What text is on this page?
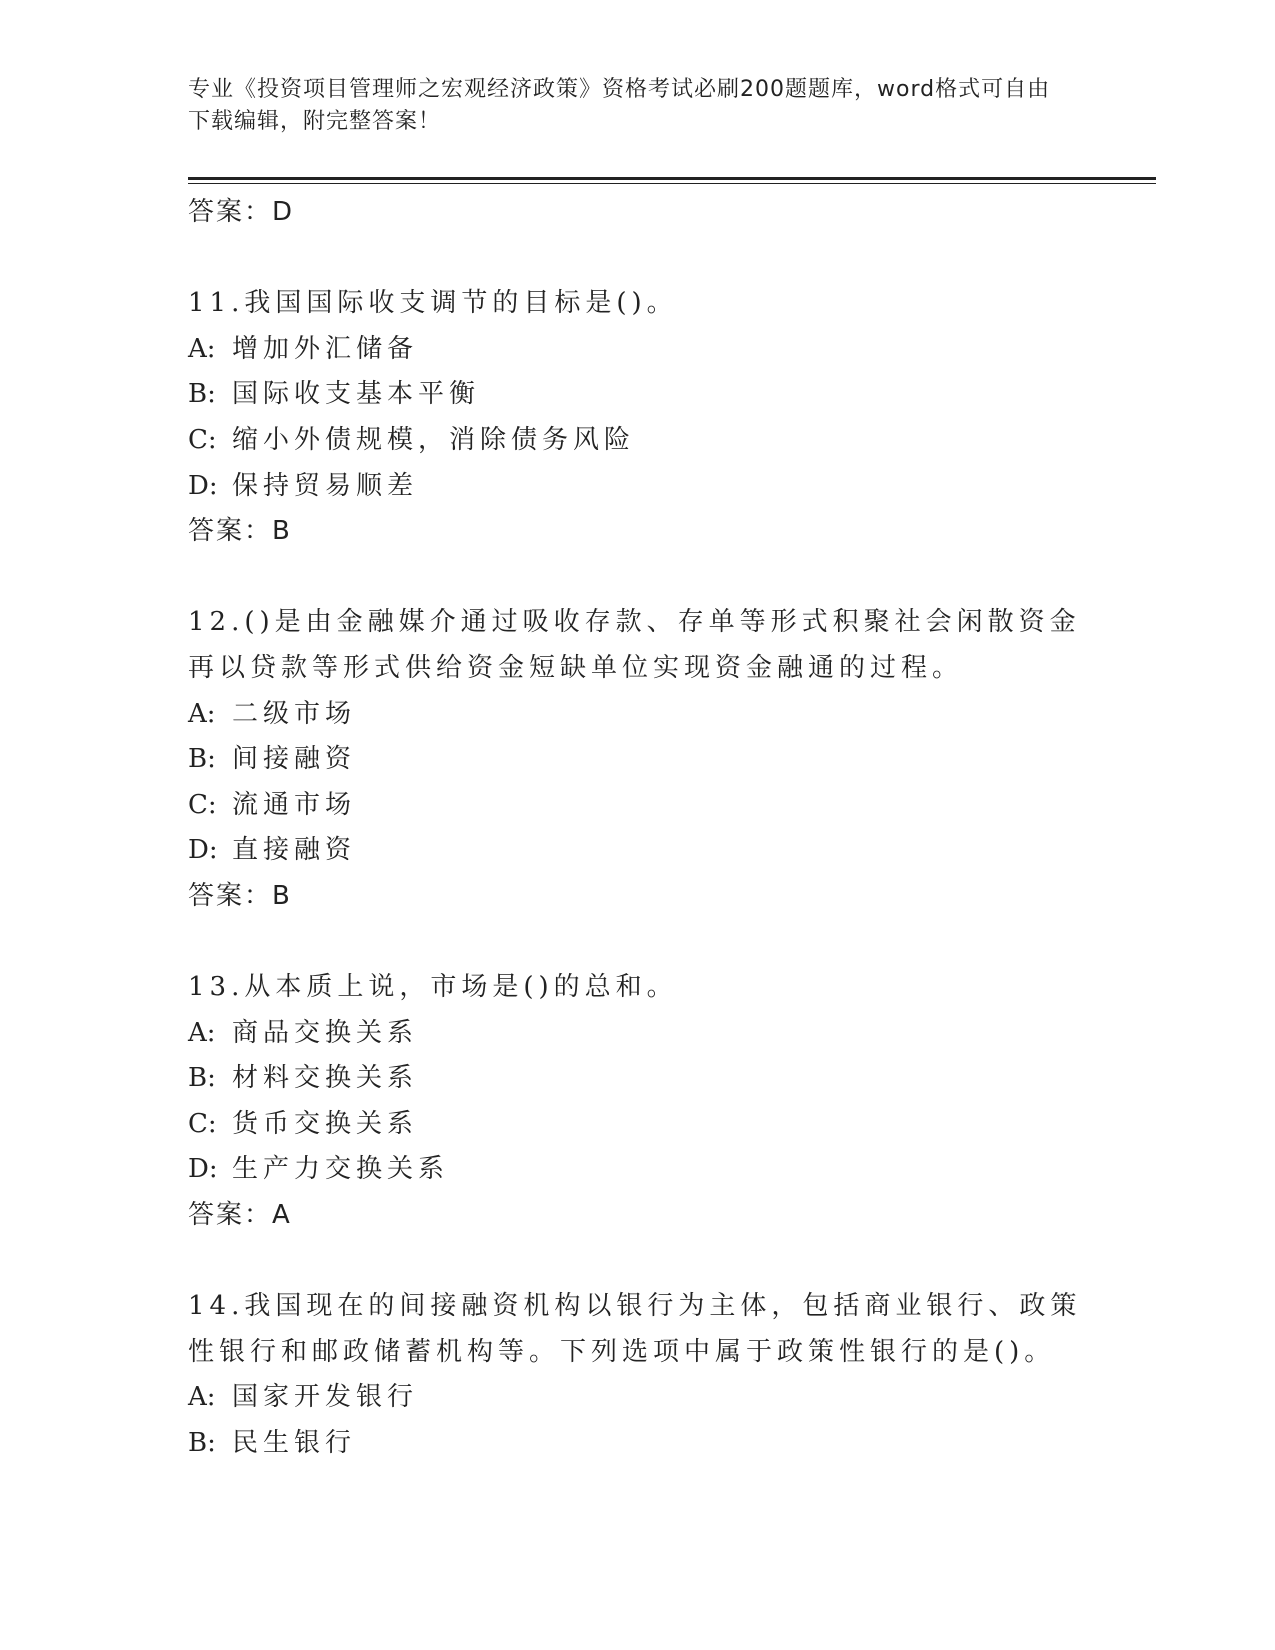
专业《投资项目管理师之宏观经济政策》资格考试必刷200题题库，word格式可自由下载编辑，附完整答案！
答案：D
11.我国国际收支调节的目标是()。
A: 增加外汇储备
B: 国际收支基本平衡
C: 缩小外债规模，消除债务风险
D: 保持贸易顺差
答案：B
12.()是由金融媒介通过吸收存款、存单等形式积聚社会闲散资金再以贷款等形式供给资金短缺单位实现资金融通的过程。
A: 二级市场
B: 间接融资
C: 流通市场
D: 直接融资
答案：B
13.从本质上说，市场是()的总和。
A: 商品交换关系
B: 材料交换关系
C: 货币交换关系
D: 生产力交换关系
答案：A
14.我国现在的间接融资机构以银行为主体，包括商业银行、政策性银行和邮政储蓄机构等。下列选项中属于政策性银行的是()。
A: 国家开发银行
B: 民生银行
